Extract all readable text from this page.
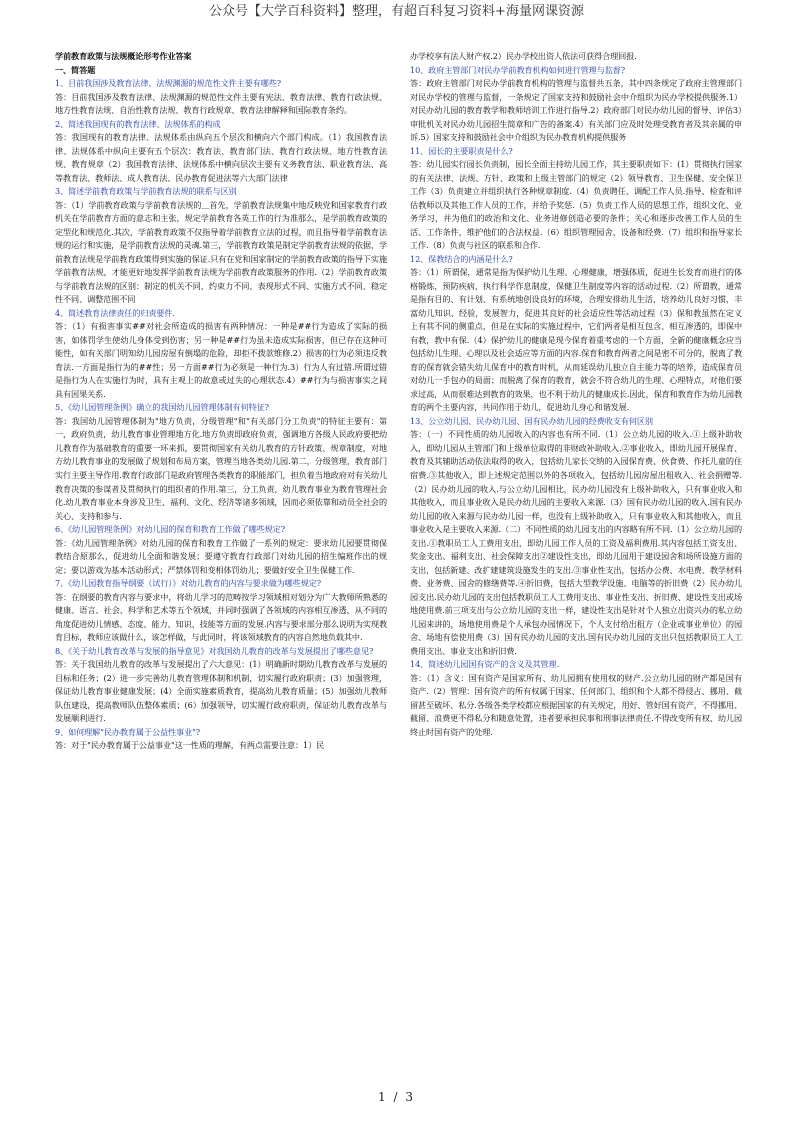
公众号【大学百科资料】整理，有超百科复习资料+海量网课资源

学前教育政策与法规概论形考作业答案

一、简答题

1、目前我国涉及教育法律、法规渊源的规范性文件主要有哪些?

答：目前我国涉及教育法律、法规渊源的规范性文件主要有宪法、教育法律、教育行政法规、地方性教育法规、自治性教育法规、教育行政规章、教育法律解释和国际教育条约。

2、简述我国现有的教育法律、法规体系的构成

答：我国现有的教育法律、法规体系由纵向五个层次和横向六个部门构成。（1）我国教育法律、法规体系中纵向主要有五个层次：教育法、教育部门法、教育行政法规、地方性教育法规、教育规章（2）我国教育法律、法规体系中横向层次主要有义务教育法、职业教育法、高等教育法、教师法、成人教育法、民办教育促进法等六大部门法律

3、简述学前教育政策与学前教育法规的联系与区别

答：（1）学前教育政策与学前教育法规的＿首先，学前教育法规集中地反映党和国家教育行政机关在学前教育方面的意志和主张，规定学前教育各英工作的行为准那么，是学前教育政策的定型化和规范化.其次，学前教育政策不仅指导着学前教育立法的过程，而且指导着学前教育法规的运行和实施，是学前教育法规的灵魂.第三，学前教育政策是制定学前教育法规的依据，学前教育法规是学前教育政策得到实施的保证.只有在党和国家制定的学前教育政策的指导下实施学前教育法规，才能更好地发挥学前教育法规为学前教育政策服务的作用.（2）学前教育政策与学前教育法规的区别：制定的机关不同、约束力不同、表现形式不同、实施方式不同、稳定性不同、调整范围不同

4、简述教育法律责任的归责要件.

答：（1）有损害事实##对社会所造成的损害有两种情况：一种是##行为造成了实际的损害，如体罚学生使幼儿身体受到伤害；另一种是##行为虽未造成实际损害，但已存在这种可能性，如有关部门明知幼儿园房屋有倒塌的危险，却拒不拨款维修.2）损害的行为必须违反教育法.一方面是指行为的##性；另一方面##行为必须是一种行为.3）行为人有过错.所谓过错是指行为人在实施行为时，具有主观上的故意或过失的心理状态.4）##行为与损害事实之间具有因果关系.

5、《幼儿园管理条例》确立的我国幼儿园管理体制有何特征?

答：我国幼儿园管理体制为"地方负责，分级管理"和"有关部门分工负责"的特征主要有：第一，政府负责，幼儿教育事业管理地方化.地方负责即政府负责，强调地方各级人民政府要把幼儿教育作为基础教育的重要一环来抓，要贯彻国家有关幼儿教育的方针政策、规章制度，对地方幼儿教育事业的发展做了规划和布局方案，管理当地各类幼儿园.第二，分级管理，教育部门实行主要主导作用.教育行政部门是政府管理各类教育的职能部门，担负着当地政府对有关幼儿教育决策的参谋者及贯彻执行的组织者的作用.第三，分工负责，幼儿教育事业为教育管理社会化.幼儿教育事业本身涉及卫生、福利、文化、经济等诸多领域，因而必须依靠和动员全社会的关心、支持和参与.

6、《幼儿园管理条例》对幼儿园的保育和教育工作做了哪些规定?

答：《幼儿园管理条例》对幼儿园的保育和教育工作做了一系列的规定：要求幼儿园要贯彻保教结合原那么，促进幼儿全面和谐发展；要遵守教育行政部门对幼儿园的招生编班作出的规定；要以游戏为基本活动形式；严禁体罚和变相体罚幼儿；要做好安全卫生保健工作.

7、《幼儿园教育指导纲要（试行）》对幼儿教育的内容与要求做为哪些规定?

答：在纲要的教育内容与要求中，将幼儿学习的范畴按学习领域相对划分为广大教师所熟悉的健康、语言、社会、科学和艺术等五个领域，并同时强调了各领域的内容相互渗透，从不同的角度促进幼儿情感、态度、能力、知识、技能等方面的发展.内容与要求部分那么说明为实现教育目标，教师应该做什么，该怎样做，与此同时，将该领域教育的内容自然地负载其中.

8、《关于幼儿教育改革与发展的指导意见》对我国幼儿教育的改革与发展提出了哪些意见?

答：关于我国幼儿教育的改革与发展提出了六大意见：(1）明确新时期幼儿教育改革与发展的目标和任务；(2）进一步完善幼儿教育管理体制和机制，切实履行政府职责；(3）加强管理，保证幼儿教育事业健康发展；(4）全面实施素质教育，提高幼儿教育质量；(5）加强幼儿教师队伍建设，提高教师队伍整体素质；(6）加强领导，切实履行政府职责，保证幼儿教育改革与发展顺利进行.

9、如何理解"民办教育属于公益性事业"?

答：对于"民办教育属于公益事业"这一性质的理解，有两点需要注意：1）民

办学校享有法人财产权.2）民办学校出资人依法可获得合理回报.

10、政府主管部门对民办学前教育机构如何进行管理与监督?

答：政府主管部门对民办学前教育机构的管理与监督共五条，其中四条规定了政府主管理部门对民办学校的管理与监督，一条规定了国家支持和鼓励社会中介组织为民办学校提供服务.1）对民办幼儿园的教育教学和教师培训工作进行指导.2）政府部门对民办幼儿园的督导、评估3）审批机关对民办幼儿园招生简章和广告的备案.4）有关部门应及时处理受教育者及其亲属的申诉.5）国家支持和鼓励社会中介组织为民办教育机构提供服务

11、园长的主要职责是什么?

答：幼儿园实行园长负责制，园长全面主持幼儿园工作，其主要职责如下：(1）贯彻执行国家的有关法律、法规、方针、政策和上级主管部门的规定（2）领导教育、卫生保健、安全保卫工作（3）负责建立并组织执行各种规章制度.（4）负责聘任、调配工作人员.指导、检查和评估教师以及其他工作人员的工作，并给予奖惩.（5）负责工作人员的思想工作，组织文化、业务学习，并为他们的政治和文化、业务进修创造必要的条件；关心和逐步改善工作人员的生活、工作条件，维护他们的合法权益.（6）组织管理园舍、设备和经费.（7）组织和指导家长工作.（8）负责与社区的联系和合作.

12、保教结合的内涵是什么?

答：（1）所谓保，通常是指为保护幼儿生理、心理健康，增强体质，促进生长发育而进行的体格锻炼，预防疾病，执行科学作息制度，保健卫生制度等内容的活动过程.（2）所谓教，通常是指有目的、有计划、有系统地创设良好的环境，合理安排幼儿生活，培养幼儿良好习惯，丰富幼儿知识、经验，发展智力，促进其良好的社会适应性等活动过程（3）保和教虽然在定义上有其不同的侧重点，但是在实际的实施过程中，它们两者是相互包含、相互渗透的，即保中有教，教中有保.（4）保护幼儿的健康是现今保育着重考虑的一个方面，全新的健康概念应当包括幼儿生理、心理以及社会适应等方面的内容.保育和教育两者之间是密不可分的，脱离了教育的保育就会错失幼儿保育中的教育时机，从而延误幼儿独立自主能力等的培养，造成保育员对幼儿一手包办的局面；而脱离了保育的教育，就会不符合幼儿的生理、心理特点，对他们要求过高，从而很难达到教育的效果，也不利于幼儿的健康成长.因此，保育和教育作为幼儿园教育的两个主要内容，共同作用于幼儿，促进幼儿身心和谐发展.

13、公立幼儿园、民办幼儿园、国有民办幼儿园的经费收支有何区别

答：（一）不同性质的幼儿园收入的内容也有所不同.（1）公立幼儿园的收入.①上级补助收入，即幼儿园从主管部门和上级单位取得的非财政补助收入.②事业收入，即幼儿园开展保育、教育及其辅助活动依法取得的收入，包括幼儿家长交纳的入园保育费、伙食费、作托儿童的住宿费.③其他收入，即上述规定范围以外的各项收入，包括幼儿园房屋出租收入、社会捐赠等.（2）民办幼儿园的收入.与公立幼儿园相比，民办幼儿园没有上级补助收入，只有事业收入和其他收入，而且事业收入是民办幼儿园的主要收入来源.（3）国有民办幼儿园的收入.国有民办幼儿园的收入来源与民办幼儿园一样，也没有上级补助收入，只有事业收入和其他收入，而且事业收入是主要收入来源.（二）不同性质的幼儿园支出的内容略有所不同.（1）公立幼儿园的支出.①教职员工人工费用支出，即幼儿园工作人员的工资及福利费用.其内容包括工资支出、奖金支出、福利支出、社会保障支出②建设性支出，即幼儿园用于建设园舍和场所设施方面的支出，包括新建、改扩建建筑设施发生的支出.③事业性支出，包括办公费、水电费、教学材料费、业务费、园舍的修缮费等.④折旧费，包括大型教学设施、电脑等的折旧费（2）民办幼儿园支出.民办幼儿园的支出包括教职员工人工费用支出、事业性支出、折旧费、建设性支出或场地使用费.前三项支出与公立幼儿园的支出一样，建设性支出是针对个人独立出资兴办的私立幼儿园来讲的，场地使用费是个人承包办园情况下，个人支付给出租方（企业或事业单位）的园舍、场地有偿使用费（3）国有民办幼儿园的支出.国有民办幼儿园的支出只包括教职员工人工费用支出、事业支出和折旧费.

14、简述幼儿园国有资产的含义及其管理.

答：（1）含义：国有资产是国家所有、幼儿园拥有使用权的财产.公立幼儿园的财产都是国有资产.（2）管理：国有资产的所有权属于国家、任何部门、组织和个人都不得侵占、挪用、截留甚至破坏、私分.各级各类学校都应根据国家的有关规定，用好、管好国有资产，不得挪用、截留、浪费更不得私分和随意处置，违者要承担民事和刑事法律责任.不得改变所有权、幼儿园终止时国有资产的处理.

1 / 3
